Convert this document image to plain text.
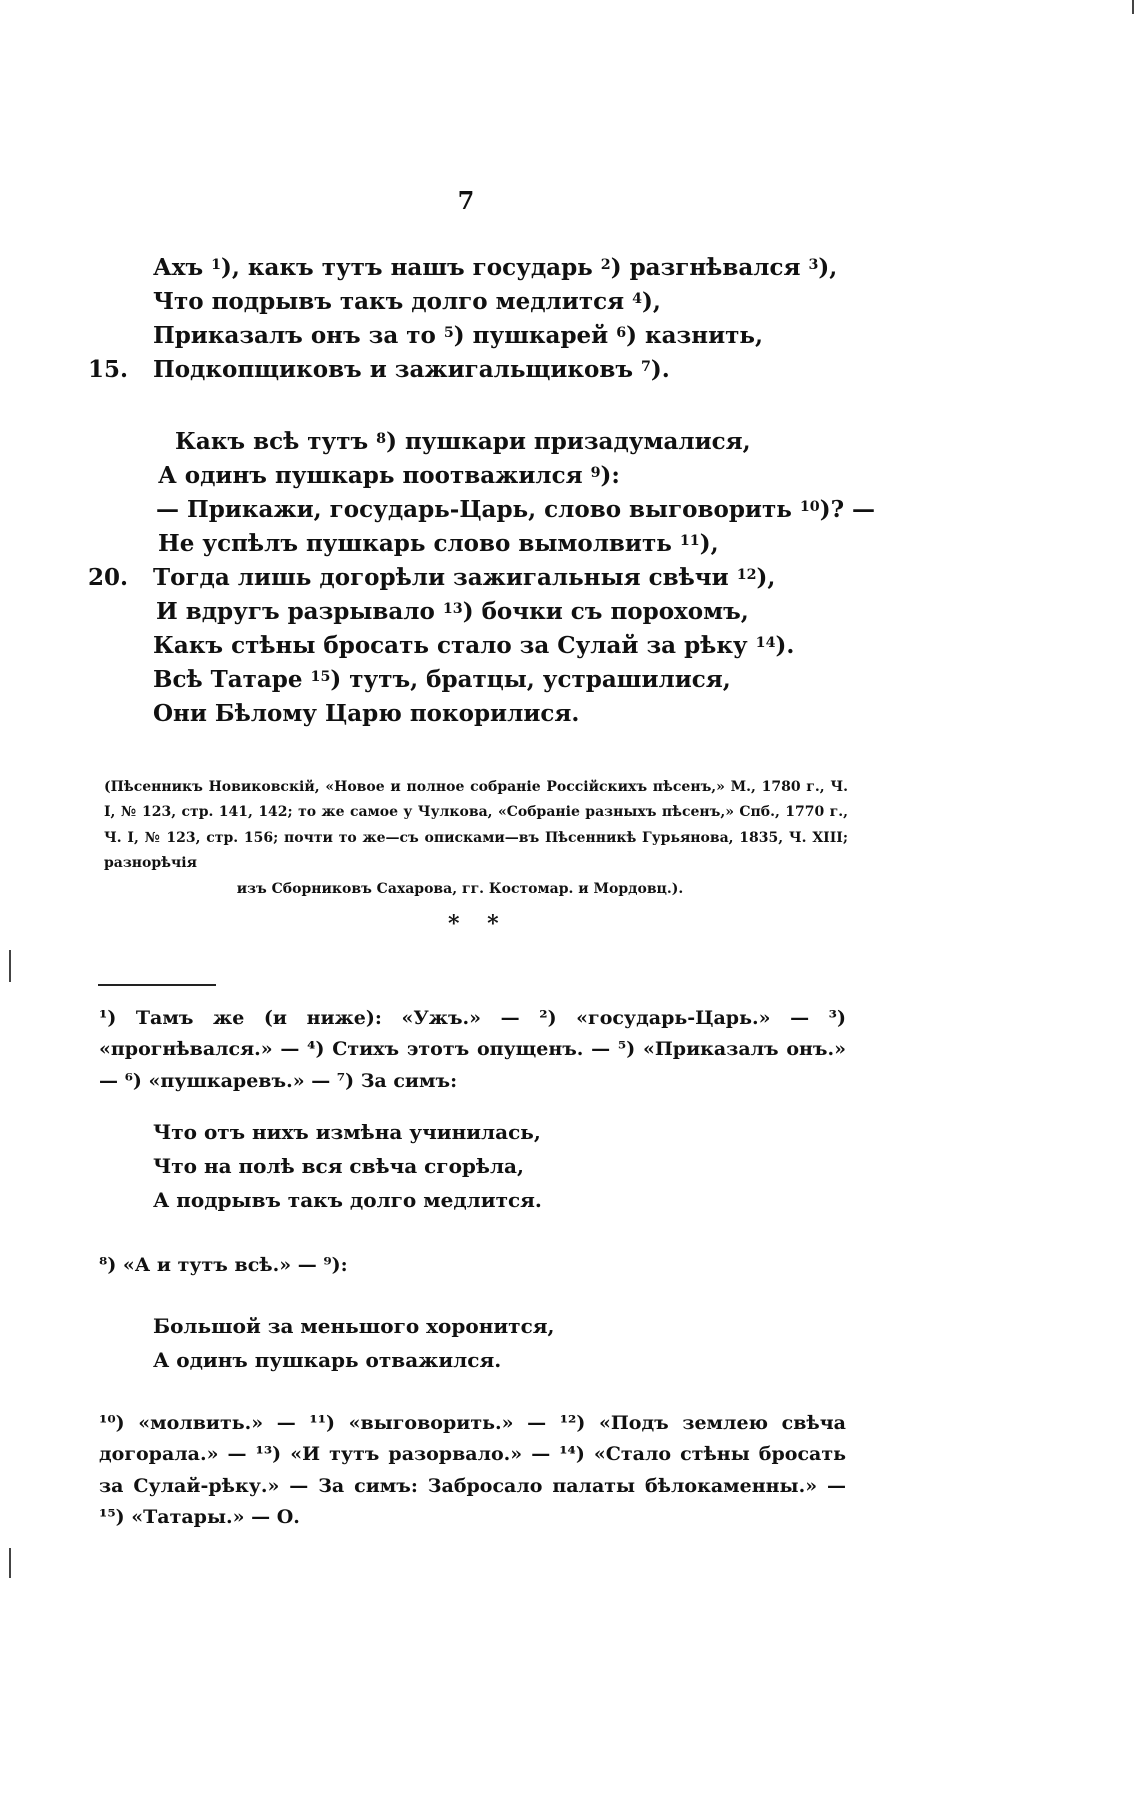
7
Ахъ $^1$), какъ тутъ нашъ государь $^2$) разгнѣвался $^3$),
Что подрывъ такъ долго медлится $^4$),
Приказалъ онъ за то $^5$) пушкарей $^6$) казнить,
15. Подкопщиковъ и зажигальщиковъ $^7$).
Какъ всѣ тутъ $^8$) пушкари призадумалися,
А одинъ пушкарь поотважился $^9$):
— Прикажи, государь-Царь, слово выговорить $^{10}$)? —
Не успѣлъ пушкарь слово вымолвить $^{11}$),
20. Тогда лишь догорѣли зажигальныя свѣчи $^{12}$),
И вдругъ разрывало $^{13}$) бочки съ порохомъ,
Какъ стѣны бросать стало за Сулай за рѣку $^{14}$).
Всѣ Татаре $^{15}$) тутъ, братцы, устрашилися,
Они Бѣлому Царю покорилися.
(Пѣсенникъ Новиковскій, «Новое и полное собраніе Россійскихъ пѣсенъ,» М., 1780 г., Ч. I, № 123, стр. 141, 142; то же самое у Чулкова, «Собраніе разныхъ пѣсенъ,» Спб., 1770 г., Ч. I, № 123, стр. 156; почти то же—съ описками—въ Пѣсенникѣ Гурьянова, 1835, Ч. XIII; разнорѣчія
изъ Сборниковъ Сахарова, гг. Костомар. и Мордовц.).
* *
¹) Тамъ же (и ниже): «Ужъ.» — ²) «государь-Царь.» — ³) «прогнѣвался.» — ⁴) Стихъ этотъ опущенъ. — ⁵) «Приказалъ онъ.» — ⁶) «пушкаревъ.» — ⁷) За симъ:
Что отъ нихъ измѣна учинилась,
Что на полѣ вся свѣча сгорѣла,
А подрывъ такъ долго медлится.
⁸) «А и тутъ всѣ.» — ⁹):
Большой за меньшого хоронится,
А одинъ пушкарь отважился.
¹⁰) «молвить.» — ¹¹) «выговорить.» — ¹²) «Подъ землею свѣча догорала.» — ¹³) «И тутъ разорвало.» — ¹⁴) «Стало стѣны бросать за Сулай-рѣку.» — За симъ: Забросало палаты бѣлокаменны.» — ¹⁵) «Татары.» — О.
